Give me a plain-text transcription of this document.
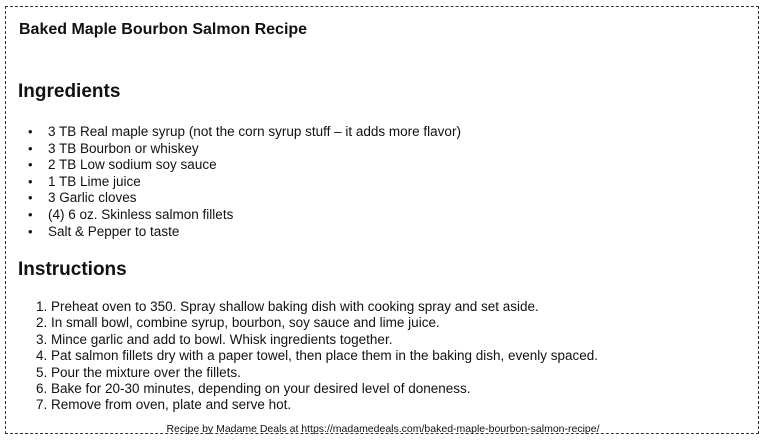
Baked Maple Bourbon Salmon Recipe
Ingredients
• 3 TB Real maple syrup (not the corn syrup stuff – it adds more flavor)
• 3 TB Bourbon or whiskey
• 2 TB Low sodium soy sauce
• 1 TB Lime juice
• 3 Garlic cloves
• (4) 6 oz. Skinless salmon fillets
• Salt & Pepper to taste
Instructions
1. Preheat oven to 350. Spray shallow baking dish with cooking spray and set aside.
2. In small bowl, combine syrup, bourbon, soy sauce and lime juice.
3. Mince garlic and add to bowl. Whisk ingredients together.
4. Pat salmon fillets dry with a paper towel, then place them in the baking dish, evenly spaced.
5. Pour the mixture over the fillets.
6. Bake for 20-30 minutes, depending on your desired level of doneness.
7. Remove from oven, plate and serve hot.

Recipe by Madame Deals at https://madamedeals.com/baked-maple-bourbon-salmon-recipe/
